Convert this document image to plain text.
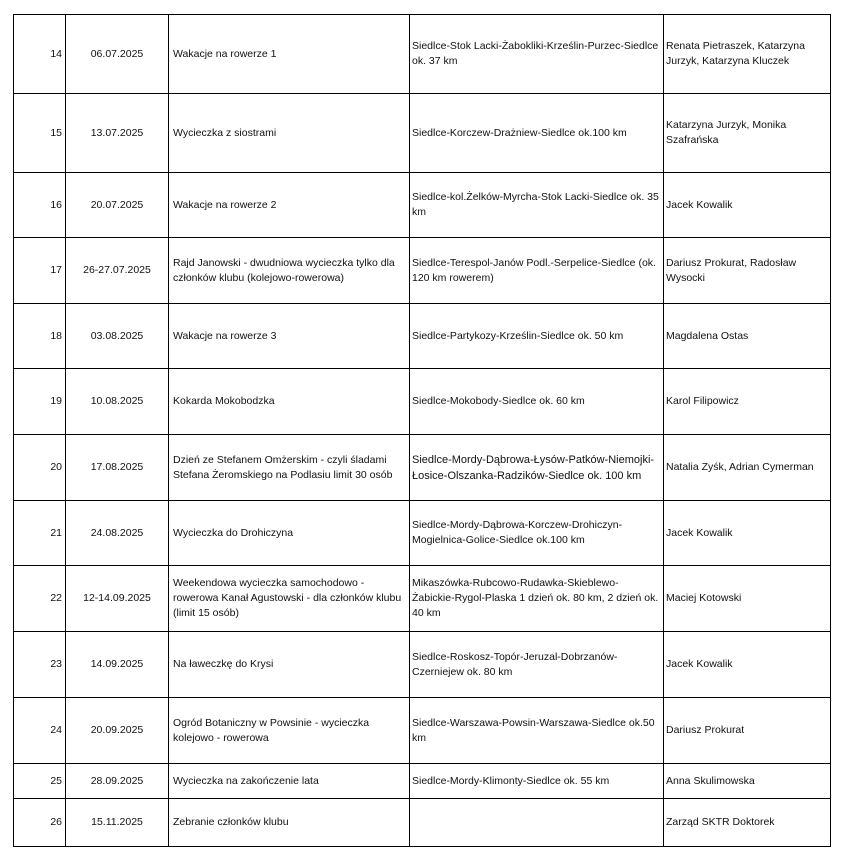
14	06.07.2025	Wakacje na rowerze 1	Siedlce-Stok Lacki-Żaboklik​i-Krześlin-Purzec-Siedlce ok. 37 km	Renata Pietraszek, Katarzyna Jurzyk, Katarzyna Kluczek
15	13.07.2025	Wycieczka z siostrami	Siedlce-Korczew-Drażniew-Siedlce ok.100 km	Katarzyna Jurzyk, Monika Szafrańska
16	20.07.2025	Wakacje na rowerze 2	Siedlce-kol.Żelków-Myrcha-Stok Lacki-Siedlce ok. 35 km	Jacek Kowalik
17	26-27.07.2025	Rajd Janowski - dwudniowa wycieczka tylko dla członków klubu (kolejowo-rowerowa)	Siedlce-Terespol-Janów Podl.-Serpelice-Siedlce (ok. 120 km rowerem)	Dariusz Prokurat, Radosław Wysocki
18	03.08.2025	Wakacje na rowerze 3	Siedlce-Partykozy-Krześlin-Siedlce ok. 50 km	Magdalena Ostas
19	10.08.2025	Kokarda Mokobodzka	Siedlce-Mokobody-Siedlce ok. 60 km	Karol Filipowicz
20	17.08.2025	Dzień ze Stefanem Omżerskim - czyli śladami Stefana Żeromskiego na Podlasiu limit 30 osób	Siedlce-Mordy-Dąbrowa-Łysów-Patków-Niemojki-Łosice-Olszanka-Radzików-Siedlce ok. 100 km	Natalia Zyśk, Adrian Cymerman
21	24.08.2025	Wycieczka do Drohiczyna	Siedlce-Mordy-Dąbrowa-Korczew-Drohiczyn-Mogielnica-Golice-Siedlce ok.100 km	Jacek Kowalik
22	12-14.09.2025	Weekendowa wycieczka samochodowo - rowerowa Kanał Agustowski - dla członków klubu (limit 15 osób)	Mikaszówka-Rubcowo-Rudawka-Skieblewo-Żabickie-Rygol-Plaska 1 dzień ok. 80 km, 2 dzień ok. 40 km	Maciej Kotowski
23	14.09.2025	Na ławeczkę do Krysi	Siedlce-Roskosz-Topór-Jeruzal-Dobrzanów-Czerniejew ok. 80 km	Jacek Kowalik
24	20.09.2025	Ogród Botaniczny w Powsinie - wycieczka kolejowo - rowerowa	Siedlce-Warszawa-Powsin-Warszawa-Siedlce ok.50 km	Dariusz Prokurat
25	28.09.2025	Wycieczka na zakończenie lata	Siedlce-Mordy-Klimonty-Siedlce ok. 55 km	Anna Skulimowska
26	15.11.2025	Zebranie członków klubu		Zarząd SKTR Doktorek
